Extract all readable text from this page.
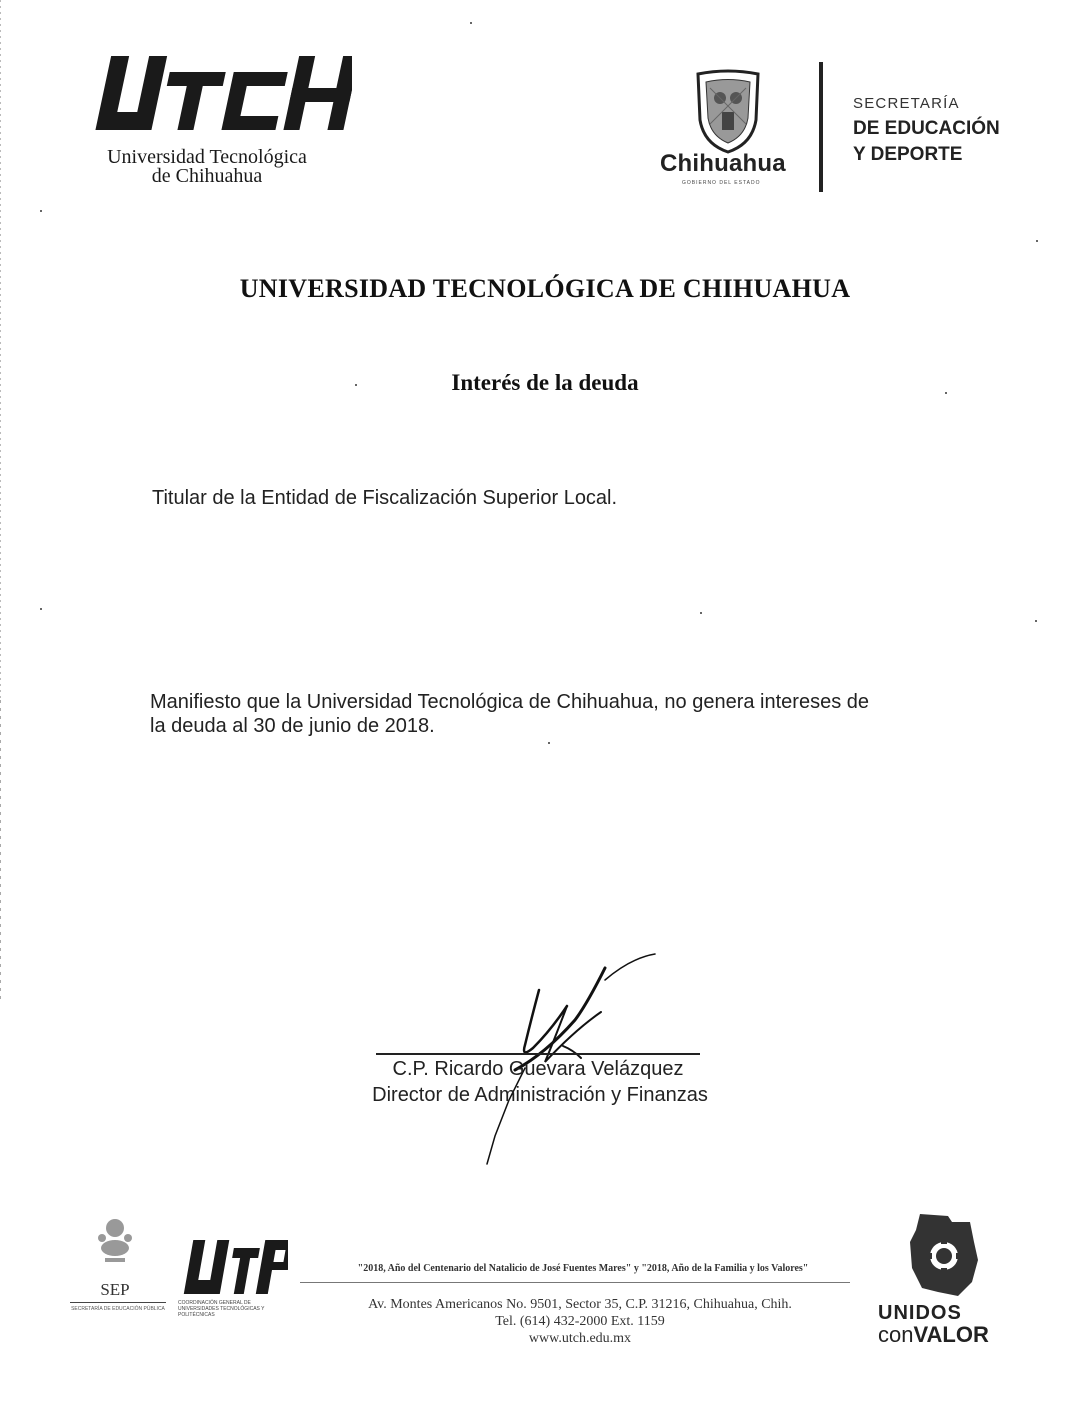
UTCH
Universidad Tecnológica
de Chihuahua	Chihuahua
GOBIERNO DEL ESTADO
SECRETARÍA
DE EDUCACIÓN
Y DEPORTE
UNIVERSIDAD TECNOLÓGICA DE CHIHUAHUA
Interés de la deuda
Titular de la Entidad de Fiscalización Superior Local.
Manifiesto que la Universidad Tecnológica de Chihuahua, no genera intereses de
la deuda al 30 de junio de 2018.
C.P. Ricardo Guevara Velázquez
Director de Administración y Finanzas
SEP
SECRETARÍA DE EDUCACIÓN PÚBLICA
UTP
COORDINACIÓN GENERAL DE UNIVERSIDADES TECNOLÓGICAS Y POLITÉCNICAS
"2018, Año del Centenario del Natalicio de José Fuentes Mares" y "2018, Año de la Familia y los Valores"
Av. Montes Americanos No. 9501, Sector 35, C.P. 31216, Chihuahua, Chih.
Tel. (614) 432-2000 Ext. 1159
www.utch.edu.mx
UNIDOS
conVALOR
